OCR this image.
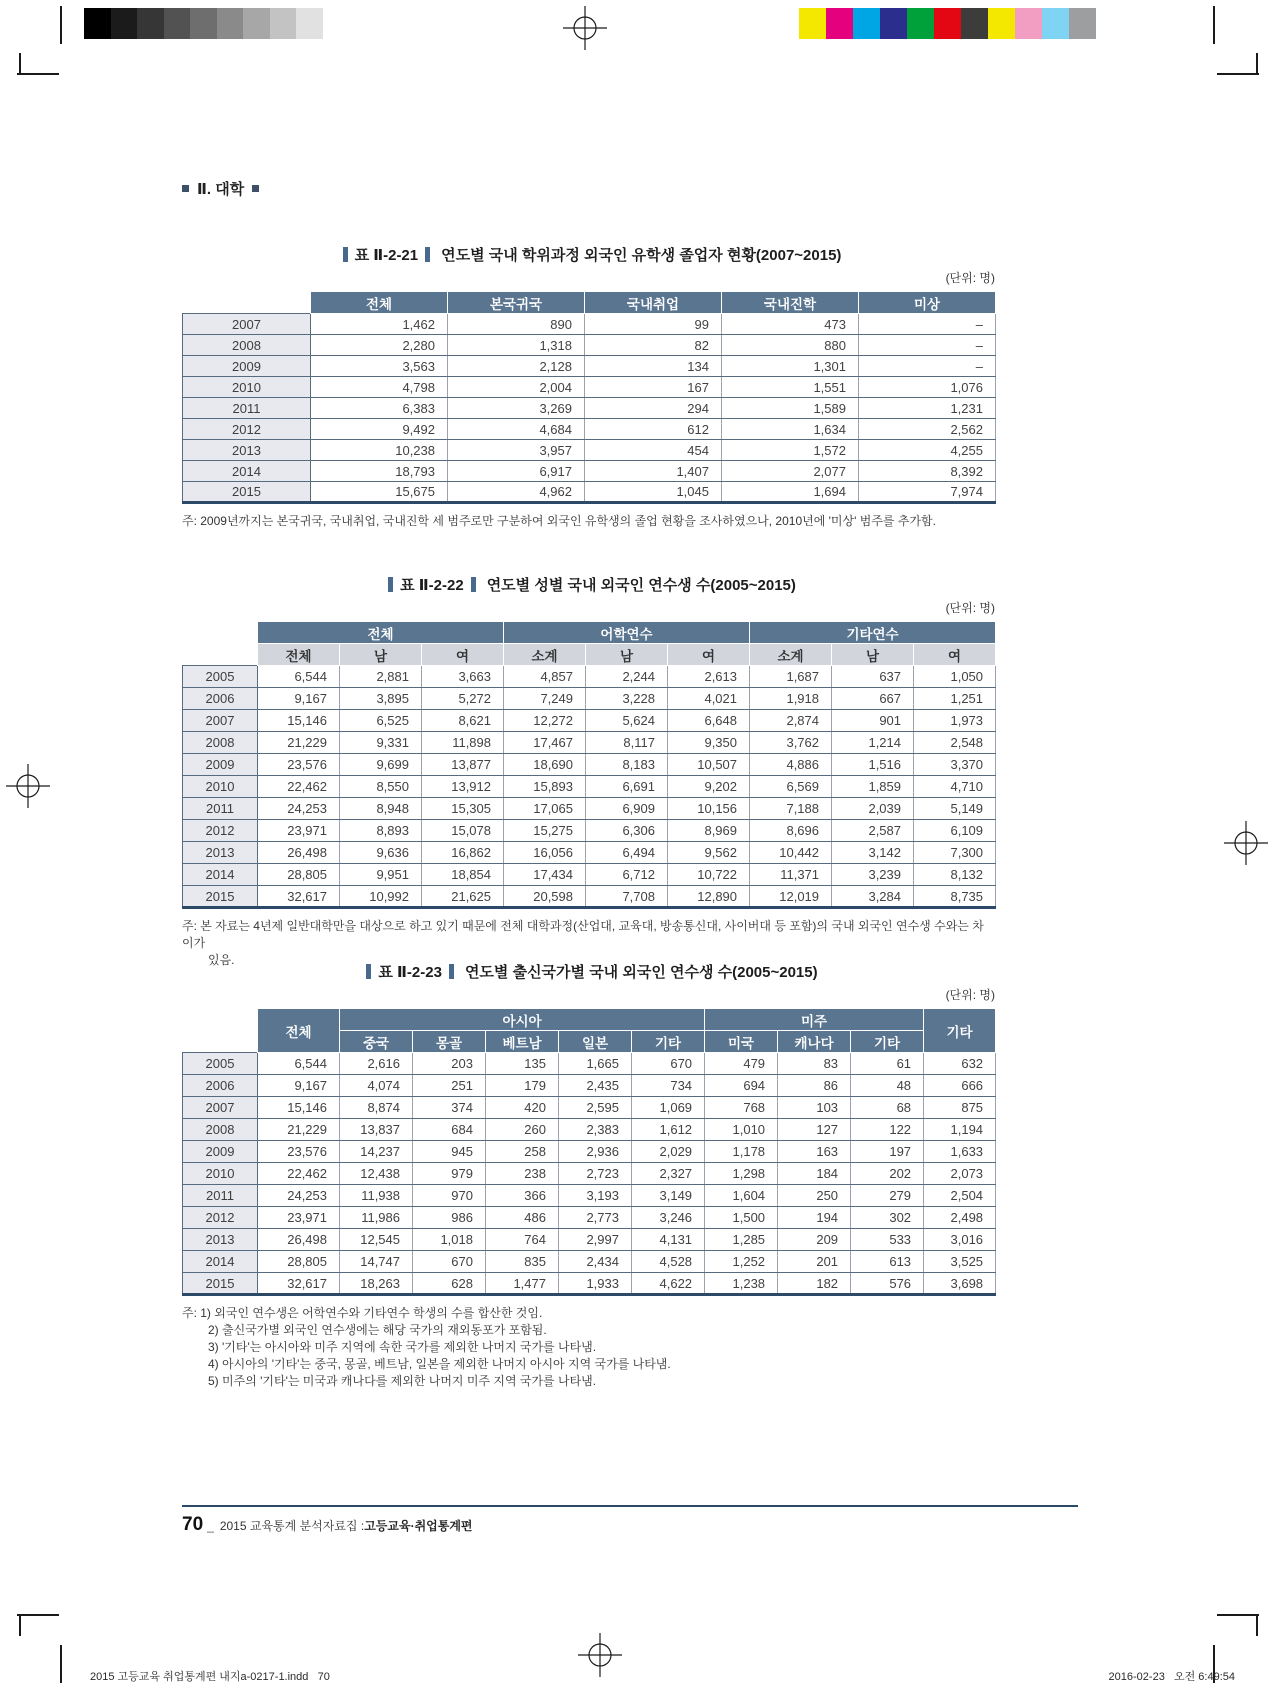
Ⅱ. 대학
표 Ⅱ-2-21 연도별 국내 학위과정 외국인 유학생 졸업자 현황(2007~2015)
(단위: 명)
	전체	본국귀국	국내취업	국내진학	미상
2007	1,462	890	99	473	–
2008	2,280	1,318	82	880	–
2009	3,563	2,128	134	1,301	–
2010	4,798	2,004	167	1,551	1,076
2011	6,383	3,269	294	1,589	1,231
2012	9,492	4,684	612	1,634	2,562
2013	10,238	3,957	454	1,572	4,255
2014	18,793	6,917	1,407	2,077	8,392
2015	15,675	4,962	1,045	1,694	7,974
주: 2009년까지는 본국귀국, 국내취업, 국내진학 세 범주로만 구분하여 외국인 유학생의 졸업 현황을 조사하였으나, 2010년에 '미상' 범주를 추가함.
표 Ⅱ-2-22 연도별 성별 국내 외국인 연수생 수(2005~2015)
(단위: 명)
	전체			어학연수			기타연수		
	전체	남	여	소계	남	여	소계	남	여
2005	6,544	2,881	3,663	4,857	2,244	2,613	1,687	637	1,050
2006	9,167	3,895	5,272	7,249	3,228	4,021	1,918	667	1,251
2007	15,146	6,525	8,621	12,272	5,624	6,648	2,874	901	1,973
2008	21,229	9,331	11,898	17,467	8,117	9,350	3,762	1,214	2,548
2009	23,576	9,699	13,877	18,690	8,183	10,507	4,886	1,516	3,370
2010	22,462	8,550	13,912	15,893	6,691	9,202	6,569	1,859	4,710
2011	24,253	8,948	15,305	17,065	6,909	10,156	7,188	2,039	5,149
2012	23,971	8,893	15,078	15,275	6,306	8,969	8,696	2,587	6,109
2013	26,498	9,636	16,862	16,056	6,494	9,562	10,442	3,142	7,300
2014	28,805	9,951	18,854	17,434	6,712	10,722	11,371	3,239	8,132
2015	32,617	10,992	21,625	20,598	7,708	12,890	12,019	3,284	8,735
주: 본 자료는 4년제 일반대학만을 대상으로 하고 있기 때문에 전체 대학과정(산업대, 교육대, 방송통신대, 사이버대 등 포함)의 국내 외국인 연수생 수와는 차이가
있음.
표 Ⅱ-2-23 연도별 출신국가별 국내 외국인 연수생 수(2005~2015)
(단위: 명)
	전체	아시아					미주			기타
		중국	몽골	베트남	일본	기타	미국	캐나다	기타	
2005	6,544	2,616	203	135	1,665	670	479	83	61	632
2006	9,167	4,074	251	179	2,435	734	694	86	48	666
2007	15,146	8,874	374	420	2,595	1,069	768	103	68	875
2008	21,229	13,837	684	260	2,383	1,612	1,010	127	122	1,194
2009	23,576	14,237	945	258	2,936	2,029	1,178	163	197	1,633
2010	22,462	12,438	979	238	2,723	2,327	1,298	184	202	2,073
2011	24,253	11,938	970	366	3,193	3,149	1,604	250	279	2,504
2012	23,971	11,986	986	486	2,773	3,246	1,500	194	302	2,498
2013	26,498	12,545	1,018	764	2,997	4,131	1,285	209	533	3,016
2014	28,805	14,747	670	835	2,434	4,528	1,252	201	613	3,525
2015	32,617	18,263	628	1,477	1,933	4,622	1,238	182	576	3,698
주: 1) 외국인 연수생은 어학연수와 기타연수 학생의 수를 합산한 것임.
2) 출신국가별 외국인 연수생에는 해당 국가의 재외동포가 포함됨.
3) '기타'는 아시아와 미주 지역에 속한 국가를 제외한 나머지 국가를 나타냄.
4) 아시아의 '기타'는 중국, 몽골, 베트남, 일본을 제외한 나머지 아시아 지역 국가를 나타냄.
5) 미주의 '기타'는 미국과 캐나다를 제외한 나머지 미주 지역 국가를 나타냄.
70 _ 2015 교육통계 분석자료집 : 고등교육·취업통계편
2015 고등교육 취업통계편 내지a-0217-1.indd   70	2016-02-23   오전 6:49:54
